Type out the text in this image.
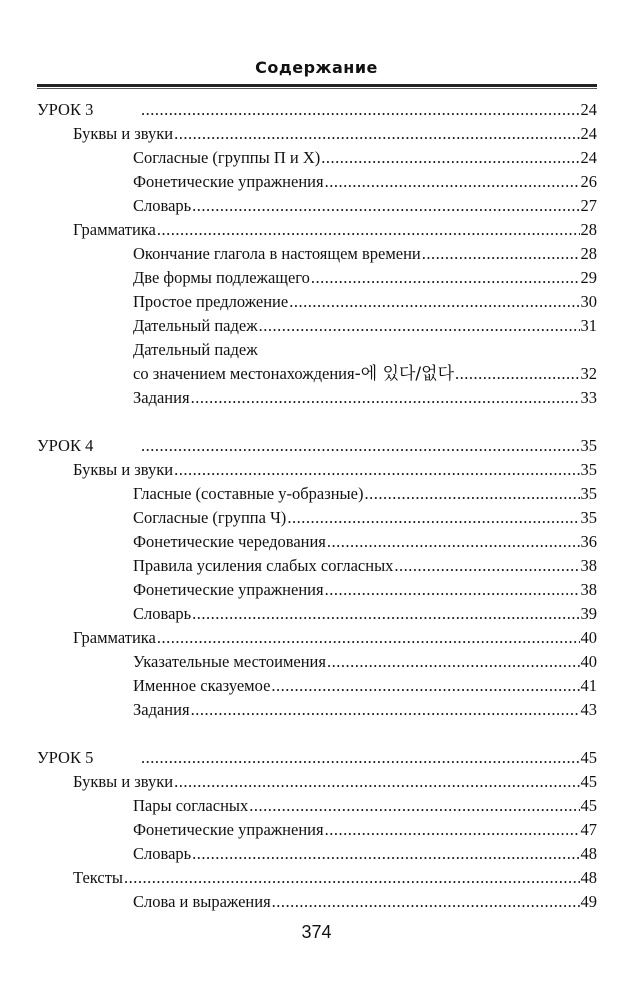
Содержание
УРОК 3 .....	24
Буквы и звуки .....	24
Согласные (группы П и Х) .....	24
Фонетические упражнения .....	26
Словарь .....	27
Грамматика .....	28
Окончание глагола в настоящем времени .....	28
Две формы подлежащего .....	29
Простое предложение .....	30
Дательный падеж .....	31
Дательный падеж
со значением местонахождения -에 있다/없다 .....	32
Задания .....	33
УРОК 4 .....	35
Буквы и звуки .....	35
Гласные (составные у-образные) .....	35
Согласные (группа Ч) .....	35
Фонетические чередования .....	36
Правила усиления слабых согласных .....	38
Фонетические упражнения .....	38
Словарь .....	39
Грамматика .....	40
Указательные местоимения .....	40
Именное сказуемое .....	41
Задания .....	43
УРОК 5 .....	45
Буквы и звуки .....	45
Пары согласных .....	45
Фонетические упражнения .....	47
Словарь .....	48
Тексты .....	48
Слова и выражения .....	49
374
